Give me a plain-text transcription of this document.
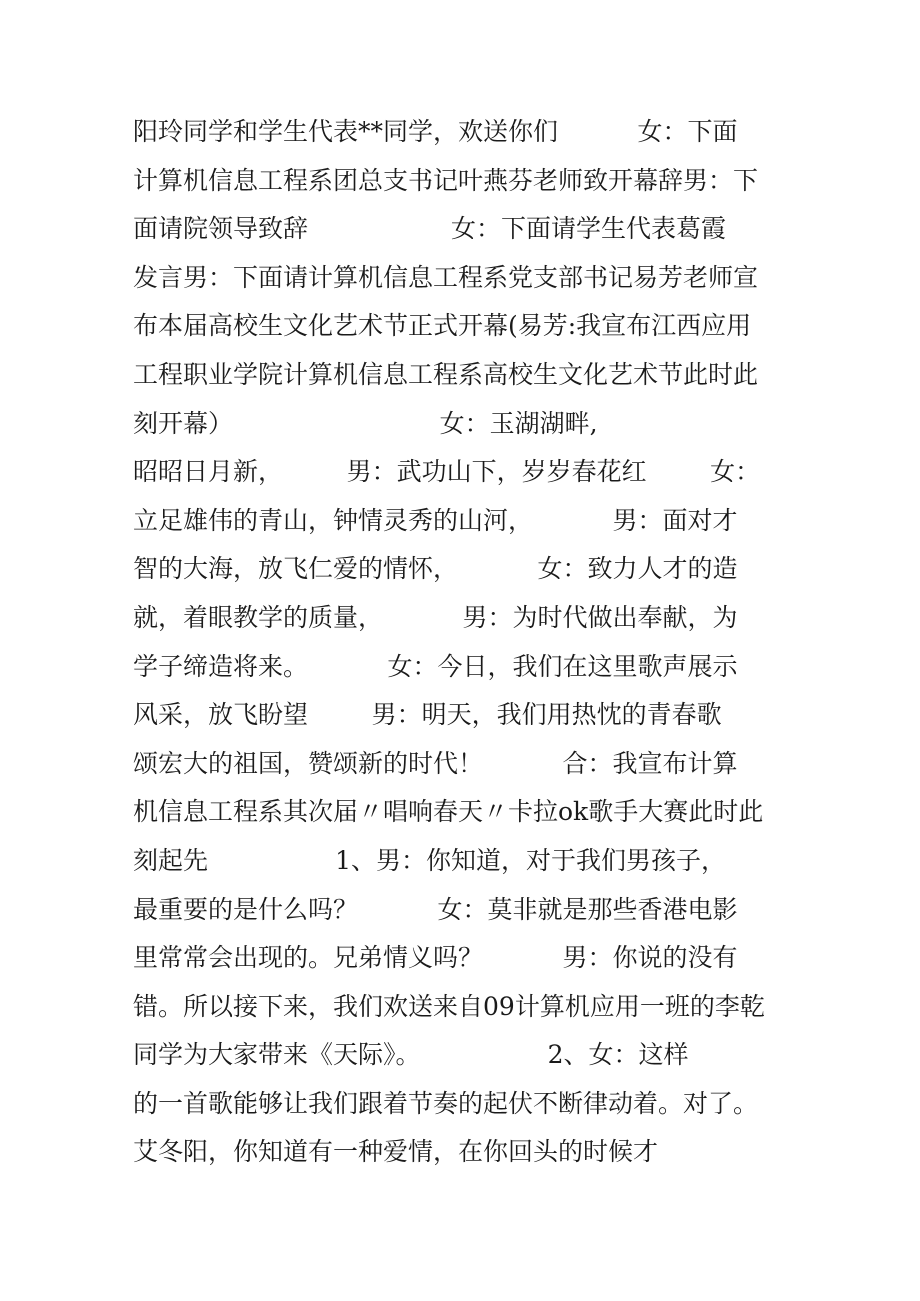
阳玲同学和学生代表**同学，欢送你们          女：下面
计算机信息工程系团总支书记叶燕芬老师致开幕辞男：下
面请院领导致辞                  女：下面请学生代表葛霞
发言男：下面请计算机信息工程系党支部书记易芳老师宣
布本届高校生文化艺术节正式开幕(易芳:我宣布江西应用
工程职业学院计算机信息工程系高校生文化艺术节此时此
刻开幕）                          女：玉湖湖畔,
昭昭日月新，        男：武功山下，岁岁春花红        女：
立足雄伟的青山，钟情灵秀的山河，          男：面对才
智的大海，放飞仁爱的情怀，          女：致力人才的造
就，着眼教学的质量，          男：为时代做出奉献，为
学子缔造将来。          女：今日，我们在这里歌声展示
风采，放飞盼望        男：明天，我们用热忱的青春歌
颂宏大的祖国，赞颂新的时代！          合：我宣布计算
机信息工程系其次届〃唱响春天〃卡拉ok歌手大赛此时此
刻起先                1、男：你知道，对于我们男孩子，
最重要的是什么吗？          女：莫非就是那些香港电影
里常常会出现的。兄弟情义吗？          男：你说的没有
错。所以接下来，我们欢送来自09计算机应用一班的李乾
同学为大家带来《天际》。                2、女：这样
的一首歌能够让我们跟着节奏的起伏不断律动着。对了。
艾冬阳，你知道有一种爱情，在你回头的时候才
